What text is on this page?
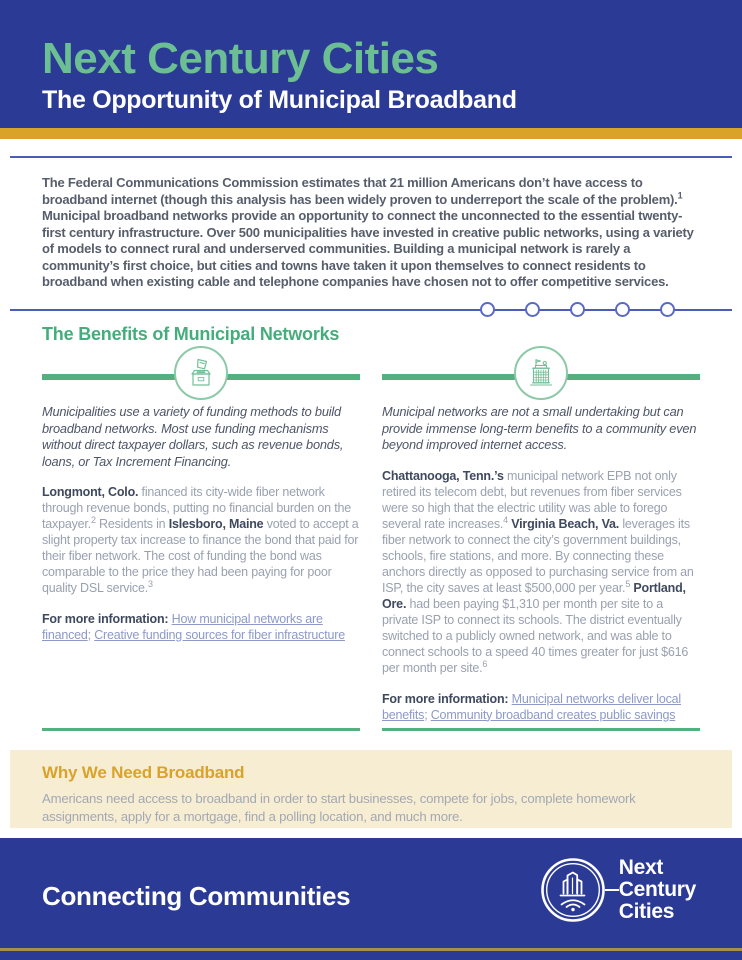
Next Century Cities
The Opportunity of Municipal Broadband

The Federal Communications Commission estimates that 21 million Americans don’t have access to broadband internet (though this analysis has been widely proven to underreport the scale of the problem).$^1$ Municipal broadband networks provide an opportunity to connect the unconnected to the essential twenty-first century infrastructure. Over 500 municipalities have invested in creative public networks, using a variety of models to connect rural and underserved communities. Building a municipal network is rarely a community’s first choice, but cities and towns have taken it upon themselves to connect residents to broadband when existing cable and telephone companies have chosen not to offer competitive services.

The Benefits of Municipal Networks

Municipalities use a variety of funding methods to build broadband networks. Most use funding mechanisms without direct taxpayer dollars, such as revenue bonds, loans, or Tax Increment Financing.

Longmont, Colo. financed its city-wide fiber network through revenue bonds, putting no financial burden on the taxpayer.$^2$ Residents in Islesboro, Maine voted to accept a slight property tax increase to finance the bond that paid for their fiber network. The cost of funding the bond was comparable to the price they had been paying for poor quality DSL service.$^3$

For more information: How municipal networks are financed; Creative funding sources for fiber infrastructure

Municipal networks are not a small undertaking but can provide immense long-term benefits to a community even beyond improved internet access.

Chattanooga, Tenn.’s municipal network EPB not only retired its telecom debt, but revenues from fiber services were so high that the electric utility was able to forego several rate increases.$^4$ Virginia Beach, Va. leverages its fiber network to connect the city’s government buildings, schools, fire stations, and more. By connecting these anchors directly as opposed to purchasing service from an ISP, the city saves at least $500,000 per year.$^5$ Portland, Ore. had been paying $1,310 per month per site to a private ISP to connect its schools. The district eventually switched to a publicly owned network, and was able to connect schools to a speed 40 times greater for just $616 per month per site.$^6$

For more information: Municipal networks deliver local benefits; Community broadband creates public savings

Why We Need Broadband

Americans need access to broadband in order to start businesses, compete for jobs, complete homework assignments, apply for a mortgage, find a polling location, and much more.

Connecting Communities
Next
Century
Cities
